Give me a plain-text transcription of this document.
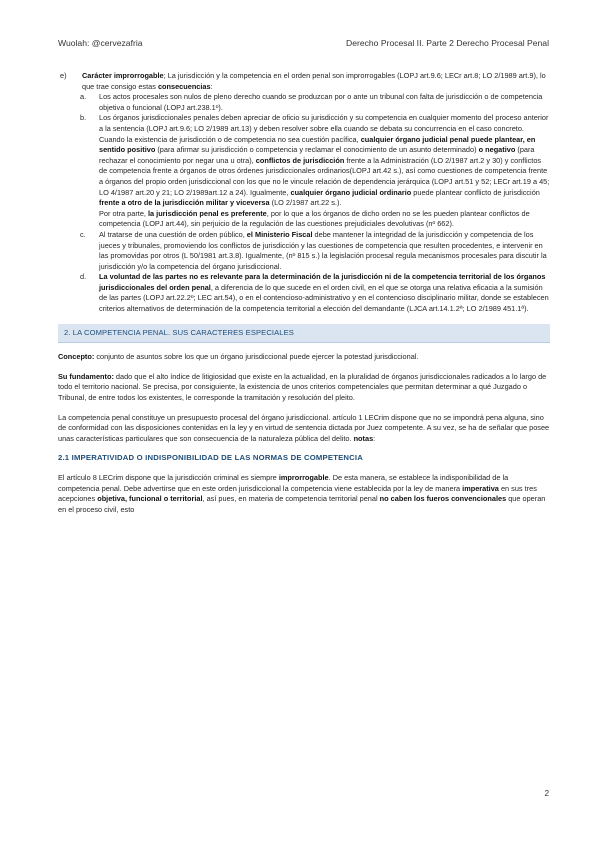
Wuolah: @cervezafria	Derecho Procesal II. Parte 2 Derecho Procesal Penal
e)	Carácter improrrogable; La jurisdicción y la competencia en el orden penal son improrrogables (LOPJ art.9.6; LECr art.8; LO 2/1989 art.9), lo que trae consigo estas consecuencias:
a.	Los actos procesales son nulos de pleno derecho cuando se produzcan por o ante un tribunal con falta de jurisdicción o de competencia objetiva o funcional (LOPJ art.238.1º).

b.	Los órganos jurisdiccionales penales deben apreciar de oficio su jurisdicción y su competencia en cualquier momento del proceso anterior a la sentencia (LOPJ art.9.6; LO 2/1989 art.13) y deben resolver sobre ella cuando se debata su concurrencia en el caso concreto.

Cuando la existencia de jurisdicción o de competencia no sea cuestión pacífica, cualquier órgano judicial penal puede plantear, en sentido positivo (para afirmar su jurisdicción o competencia y reclamar el conocimiento de un asunto determinado) o negativo (para rechazar el conocimiento por negar una u otra), conflictos de jurisdicción frente a la Administración (LO 2/1987 art.2 y 30) y conflictos de competencia frente a órganos de otros órdenes jurisdiccionales ordinarios(LOPJ art.42 s.), así como cuestiones de competencia frente a órganos del propio orden jurisdiccional con los que no le vincule relación de dependencia jerárquica (LOPJ art.51 y 52; LECr art.19 a 45; LO 4/1987 art.20 y 21; LO 2/1989art.12 a 24). Igualmente, cualquier órgano judicial ordinario puede plantear conflicto de jurisdicción frente a otro de la jurisdicción militar y viceversa (LO 2/1987 art.22 s.).

Por otra parte, la jurisdicción penal es preferente, por lo que a los órganos de dicho orden no se les pueden plantear conflictos de competencia (LOPJ art.44), sin perjuicio de la regulación de las cuestiones prejudiciales devolutivas (nº 662).

c.	Al tratarse de una cuestión de orden público, el Ministerio Fiscal debe mantener la integridad de la jurisdicción y competencia de los jueces y tribunales, promoviendo los conflictos de jurisdicción y las cuestiones de competencia que resulten procedentes, e intervenir en las promovidas por otros (L 50/1981 art.3.8). Igualmente, (nº 815 s.) la legislación procesal regula mecanismos procesales para discutir la jurisdicción y/o la competencia del órgano jurisdiccional.

d.	La voluntad de las partes no es relevante para la determinación de la jurisdicción ni de la competencia territorial de los órganos jurisdiccionales del orden penal, a diferencia de lo que sucede en el orden civil, en el que se otorga una relativa eficacia a la sumisión de las partes (LOPJ art.22.2º; LEC art.54), o en el contencioso-administrativo y en el contencioso disciplinario militar, donde se establecen criterios alternativos de determinación de la competencia territorial a elección del demandante (LJCA art.14.1.2ª; LO 2/1989 451.1ª).

2. LA COMPETENCIA PENAL. SUS CARACTERES ESPECIALES

Concepto: conjunto de asuntos sobre los que un órgano jurisdiccional puede ejercer la potestad jurisdiccional.

Su fundamento: dado que el alto índice de litigiosidad que existe en la actualidad, en la pluralidad de órganos jurisdiccionales radicados a lo largo de todo el territorio nacional. Se precisa, por consiguiente, la existencia de unos criterios competenciales que permitan determinar a qué Juzgado o Tribunal, de entre todos los existentes, le corresponde la tramitación y resolución del pleito.

La competencia penal constituye un presupuesto procesal del órgano jurisdiccional. artículo 1 LECrim dispone que no se impondrá pena alguna, sino de conformidad con las disposiciones contenidas en la ley y en virtud de sentencia dictada por Juez competente. A su vez, se ha de señalar que posee unas características particulares que son consecuencia de la naturaleza pública del delito. notas:

2.1 IMPERATIVIDAD O INDISPONIBILIDAD DE LAS NORMAS DE COMPETENCIA

El artículo 8 LECrim dispone que la jurisdicción criminal es siempre improrrogable. De esta manera, se establece la indisponibilidad de la competencia penal. Debe advertirse que en este orden jurisdiccional la competencia viene establecida por la ley de manera imperativa en sus tres acepciones objetiva, funcional o territorial, así pues, en materia de competencia territorial penal no caben los fueros convencionales que operan en el proceso civil, esto

2
